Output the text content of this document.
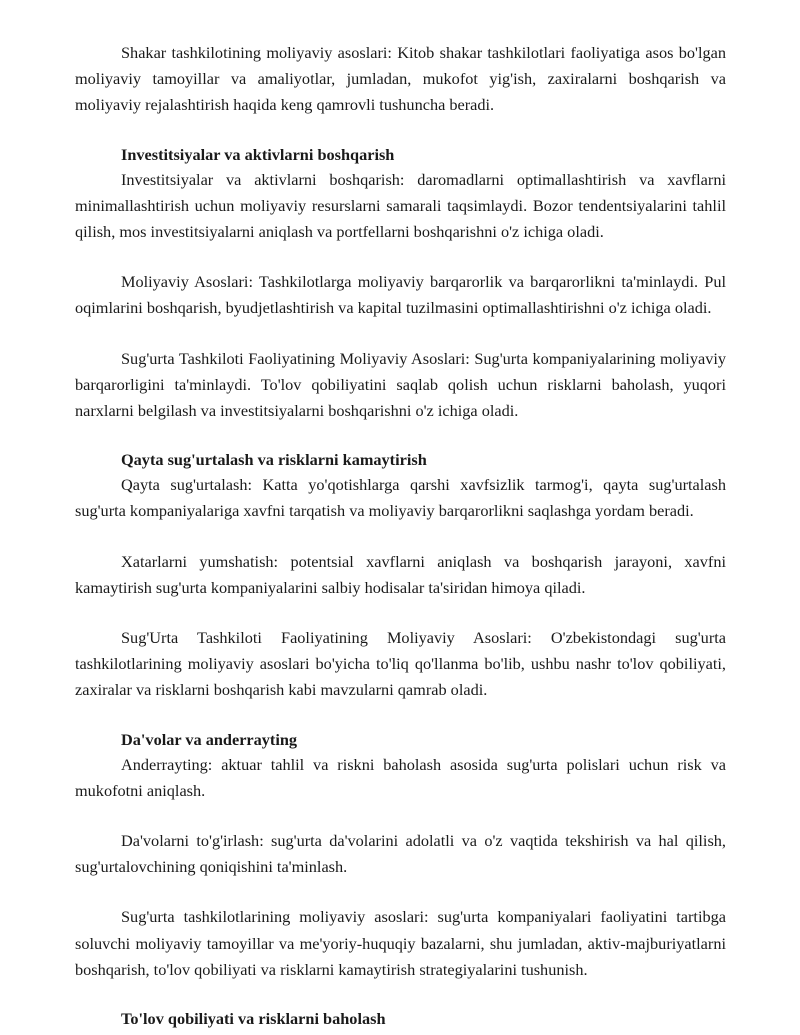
Shakar tashkilotining moliyaviy asoslari: Kitob shakar tashkilotlari faoliyatiga asos bo'lgan moliyaviy tamoyillar va amaliyotlar, jumladan, mukofot yig'ish, zaxiralarni boshqarish va moliyaviy rejalashtirish haqida keng qamrovli tushuncha beradi.

Investitsiyalar va aktivlarni boshqarish

Investitsiyalar va aktivlarni boshqarish: daromadlarni optimallashtirish va xavflarni minimallashtirish uchun moliyaviy resurslarni samarali taqsimlaydi. Bozor tendentsiyalarini tahlil qilish, mos investitsiyalarni aniqlash va portfellarni boshqarishni o'z ichiga oladi.

Moliyaviy Asoslari: Tashkilotlarga moliyaviy barqarorlik va barqarorlikni ta'minlaydi. Pul oqimlarini boshqarish, byudjetlashtirish va kapital tuzilmasini optimallashtirishni o'z ichiga oladi.

Sug'urta Tashkiloti Faoliyatining Moliyaviy Asoslari: Sug'urta kompaniyalarining moliyaviy barqarorligini ta'minlaydi. To'lov qobiliyatini saqlab qolish uchun risklarni baholash, yuqori narxlarni belgilash va investitsiyalarni boshqarishni o'z ichiga oladi.

Qayta sug'urtalash va risklarni kamaytirish

Qayta sug'urtalash: Katta yo'qotishlarga qarshi xavfsizlik tarmog'i, qayta sug'urtalash sug'urta kompaniyalariga xavfni tarqatish va moliyaviy barqarorlikni saqlashga yordam beradi.

Xatarlarni yumshatish: potentsial xavflarni aniqlash va boshqarish jarayoni, xavfni kamaytirish sug'urta kompaniyalarini salbiy hodisalar ta'siridan himoya qiladi.

Sug'Urta Tashkiloti Faoliyatining Moliyaviy Asoslari: O'zbekistondagi sug'urta tashkilotlarining moliyaviy asoslari bo'yicha to'liq qo'llanma bo'lib, ushbu nashr to'lov qobiliyati, zaxiralar va risklarni boshqarish kabi mavzularni qamrab oladi.

Da'volar va anderrayting

Anderrayting: aktuar tahlil va riskni baholash asosida sug'urta polislari uchun risk va mukofotni aniqlash.

Da'volarni to'g'irlash: sug'urta da'volarini adolatli va o'z vaqtida tekshirish va hal qilish, sug'urtalovchining qoniqishini ta'minlash.

Sug'urta tashkilotlarining moliyaviy asoslari: sug'urta kompaniyalari faoliyatini tartibga soluvchi moliyaviy tamoyillar va me'yoriy-huquqiy bazalarni, shu jumladan, aktiv-majburiyatlarni boshqarish, to'lov qobiliyati va risklarni kamaytirish strategiyalarini tushunish.

To'lov qobiliyati va risklarni baholash
